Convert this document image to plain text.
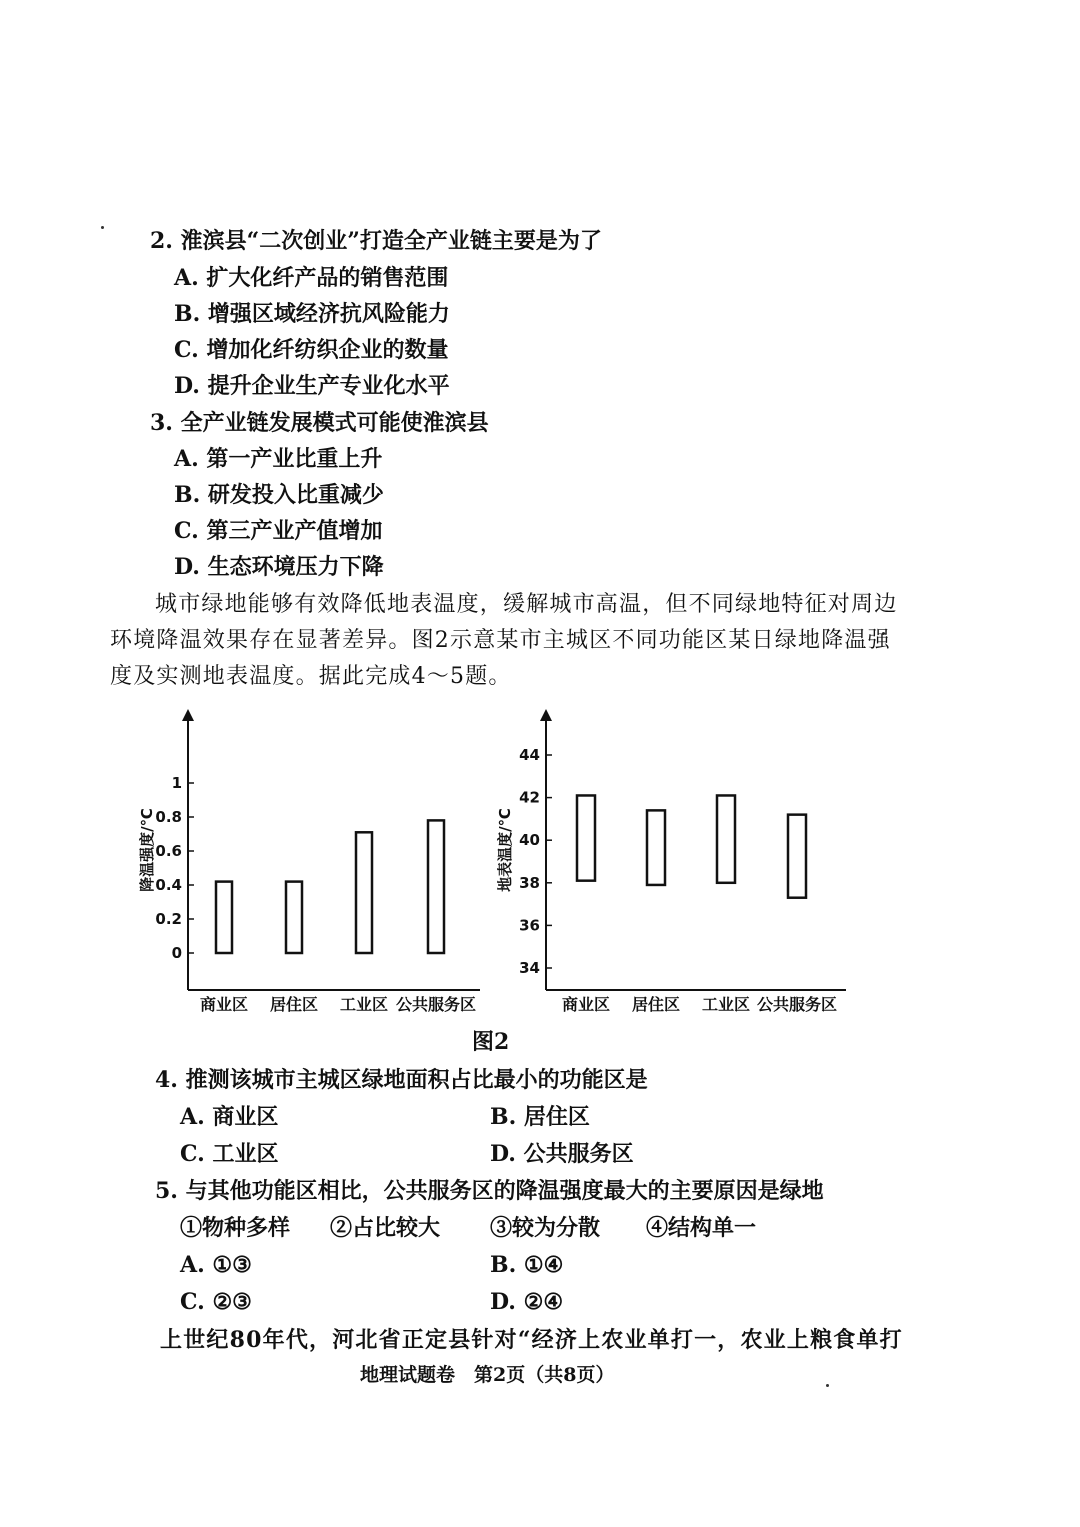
2. 淮滨县“二次创业”打造全产业链主要是为了
A. 扩大化纤产品的销售范围
B. 增强区域经济抗风险能力
C. 增加化纤纺织企业的数量
D. 提升企业生产专业化水平
3. 全产业链发展模式可能使淮滨县
A. 第一产业比重上升
B. 研发投入比重减少
C. 第三产业产值增加
D. 生态环境压力下降
城市绿地能够有效降低地表温度，缓解城市高温，但不同绿地特征对周边
环境降温效果存在显著差异。图2示意某市主城区不同功能区某日绿地降温强
度及实测地表温度。据此完成4～5题。
0
0.2
0.4
0.6
0.8
1
商业区 居住区 工业区 公共服务区
降温强度/℃
34
36
38
40
42
44
商业区 居住区 工业区 公共服务区
地表温度/℃
图2
4. 推测该城市主城区绿地面积占比最小的功能区是
A. 商业区	B. 居住区
C. 工业区	D. 公共服务区
5. 与其他功能区相比，公共服务区的降温强度最大的主要原因是绿地
①物种多样 ②占比较大 ③较为分散 ④结构单一
A. ①③	B. ①④
C. ②③	D. ②④
上世纪80年代，河北省正定县针对“经济上农业单打一，农业上粮食单打
地理试题卷　第2页（共8页）
